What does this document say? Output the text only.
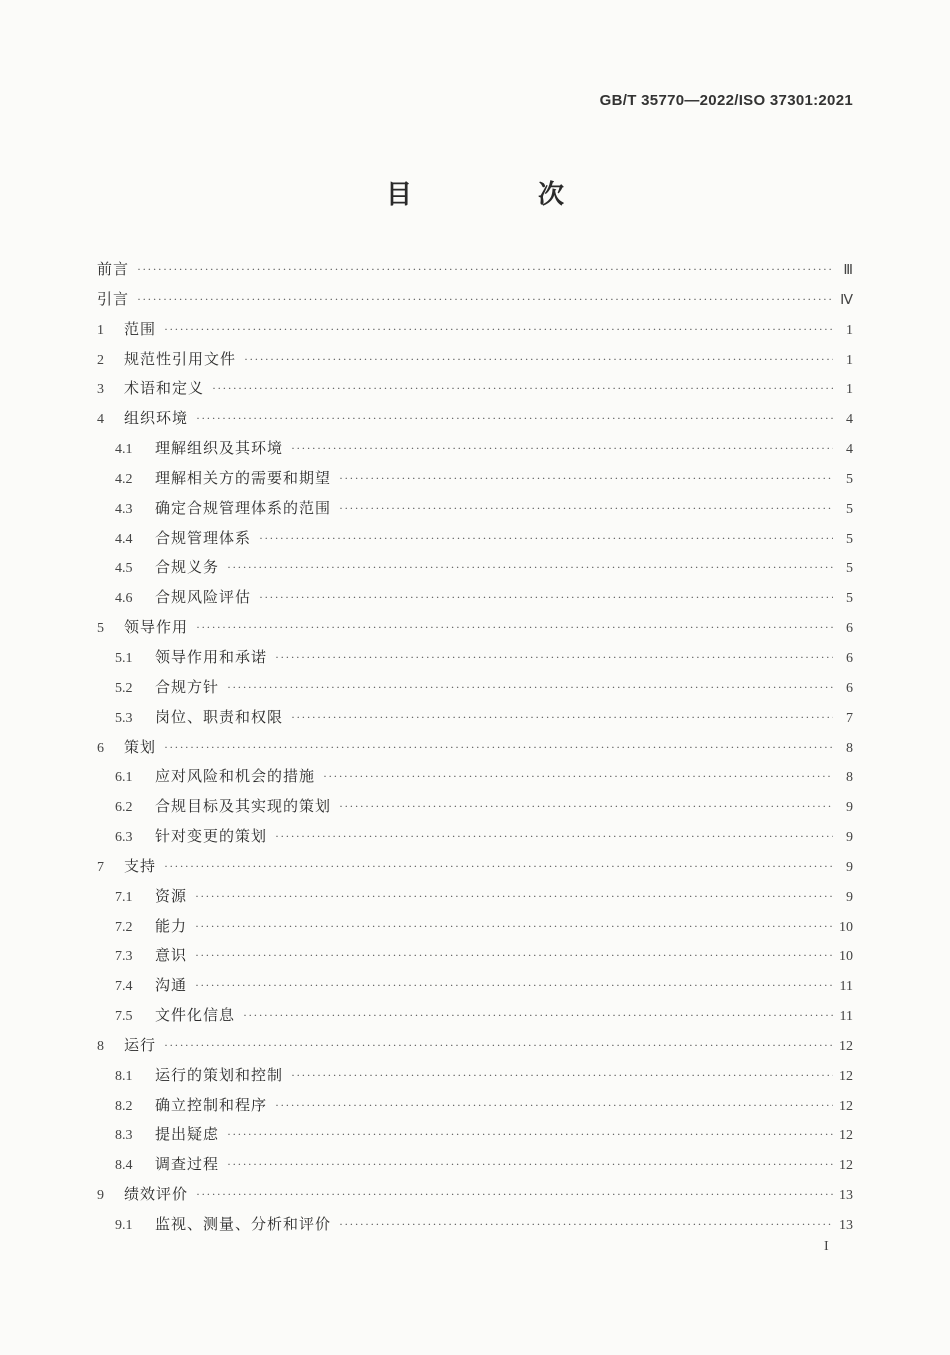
GB/T 35770—2022/ISO 37301:2021
目　次
前言 ·····	Ⅲ
引言 ·····	Ⅳ
1	范围 ·····	1
2	规范性引用文件 ·····	1
3	术语和定义 ·····	1
4	组织环境 ·····	4
4.1	理解组织及其环境 ·····	4
4.2	理解相关方的需要和期望 ·····	5
4.3	确定合规管理体系的范围 ·····	5
4.4	合规管理体系 ·····	5
4.5	合规义务 ·····	5
4.6	合规风险评估 ·····	5
5	领导作用 ·····	6
5.1	领导作用和承诺 ·····	6
5.2	合规方针 ·····	6
5.3	岗位、职责和权限 ·····	7
6	策划 ·····	8
6.1	应对风险和机会的措施 ·····	8
6.2	合规目标及其实现的策划 ·····	9
6.3	针对变更的策划 ·····	9
7	支持 ·····	9
7.1	资源 ·····	9
7.2	能力 ·····	10
7.3	意识 ·····	10
7.4	沟通 ·····	11
7.5	文件化信息 ·····	11
8	运行 ·····	12
8.1	运行的策划和控制 ·····	12
8.2	确立控制和程序 ·····	12
8.3	提出疑虑 ·····	12
8.4	调查过程 ·····	12
9	绩效评价 ·····	13
9.1	监视、测量、分析和评价 ·····	13
I
